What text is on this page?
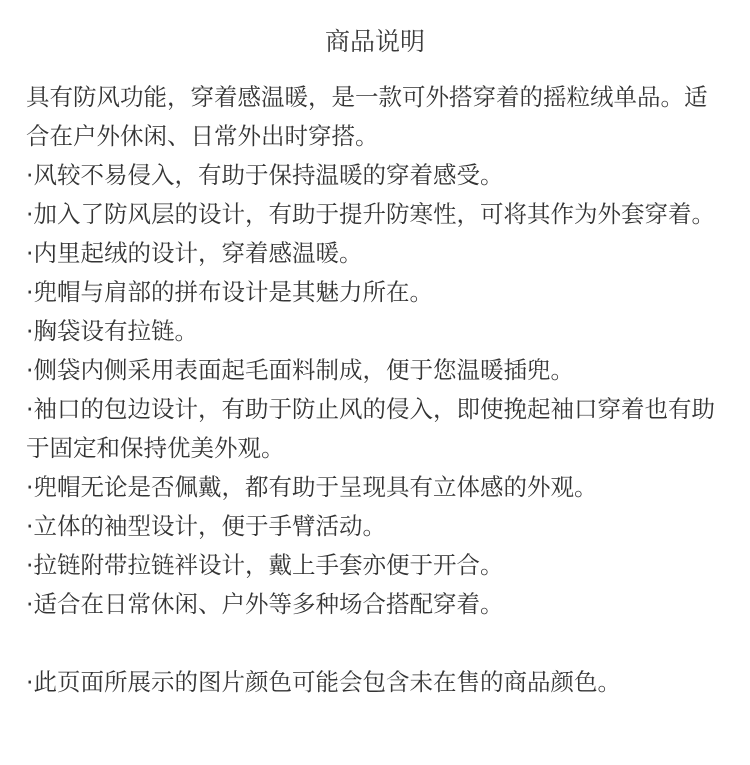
商品说明

具有防风功能，穿着感温暖，是一款可外搭穿着的摇粒绒单品。适合在户外休闲、日常外出时穿搭。

·风较不易侵入，有助于保持温暖的穿着感受。

·加入了防风层的设计，有助于提升防寒性，可将其作为外套穿着。

·内里起绒的设计，穿着感温暖。

·兜帽与肩部的拼布设计是其魅力所在。

·胸袋设有拉链。

·侧袋内侧采用表面起毛面料制成，便于您温暖插兜。

·袖口的包边设计，有助于防止风的侵入，即使挽起袖口穿着也有助于固定和保持优美外观。

·兜帽无论是否佩戴，都有助于呈现具有立体感的外观。

·立体的袖型设计，便于手臂活动。

·拉链附带拉链袢设计，戴上手套亦便于开合。

·适合在日常休闲、户外等多种场合搭配穿着。

·此页面所展示的图片颜色可能会包含未在售的商品颜色。
